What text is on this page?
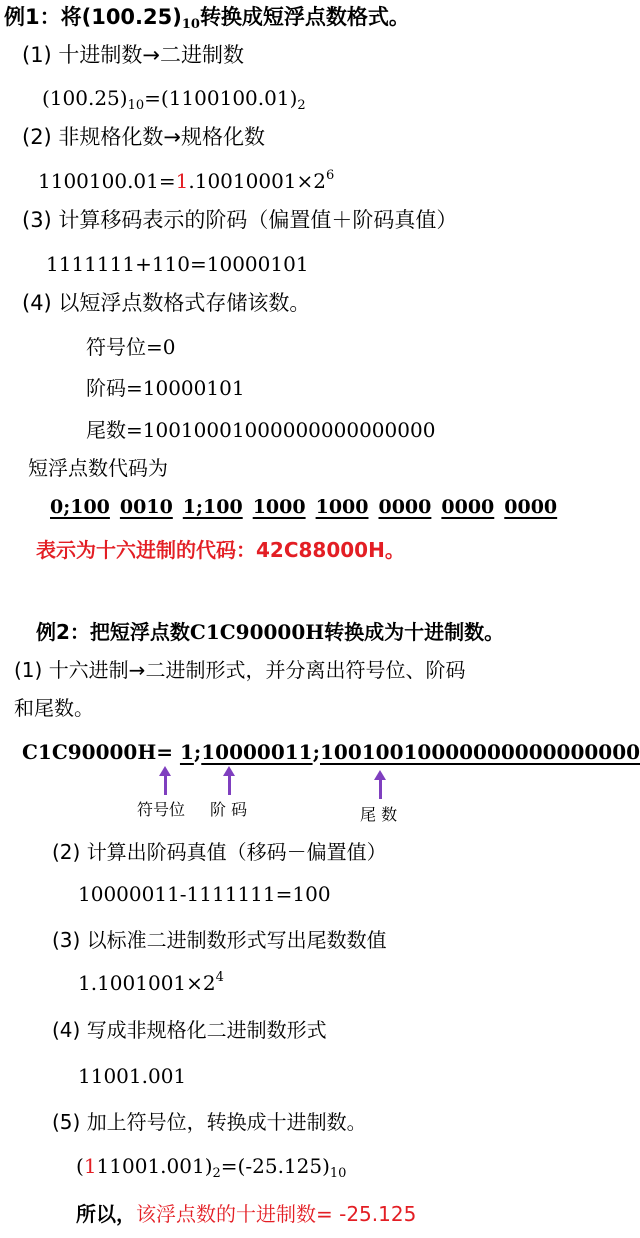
例1：将$(100.25)_{10}$转换成短浮点数格式。
(1) 十进制数→二进制数
$(100.25)_{10}=(1100100.01)_2$
(2) 非规格化数→规格化数
$1100100.01=1.10010001\times 2^6$
(3) 计算移码表示的阶码（偏置值＋阶码真值）
1111111+110=10000101
(4) 以短浮点数格式存储该数。
符号位=0
阶码=10000101
尾数=10010001000000000000000
短浮点数代码为
0;100 0010 1;100 1000 1000 0000 0000 0000
表示为十六进制的代码：42C88000H。
例2：把短浮点数C1C90000H转换成为十进制数。
(1) 十六进制→二进制形式，并分离出符号位、阶码
和尾数。
C1C90000H= 1;10000011;10010010000000000000000
符号位 阶 码	尾 数
(2) 计算出阶码真值（移码－偏置值）
10000011-1111111=100
(3) 以标准二进制数形式写出尾数数值
$1.1001001\times 2^4$
(4) 写成非规格化二进制数形式
11001.001
(5) 加上符号位，转换成十进制数。
$(111001.001)_2=(-25.125)_{10}$
所以，该浮点数的十进制数= -25.125
